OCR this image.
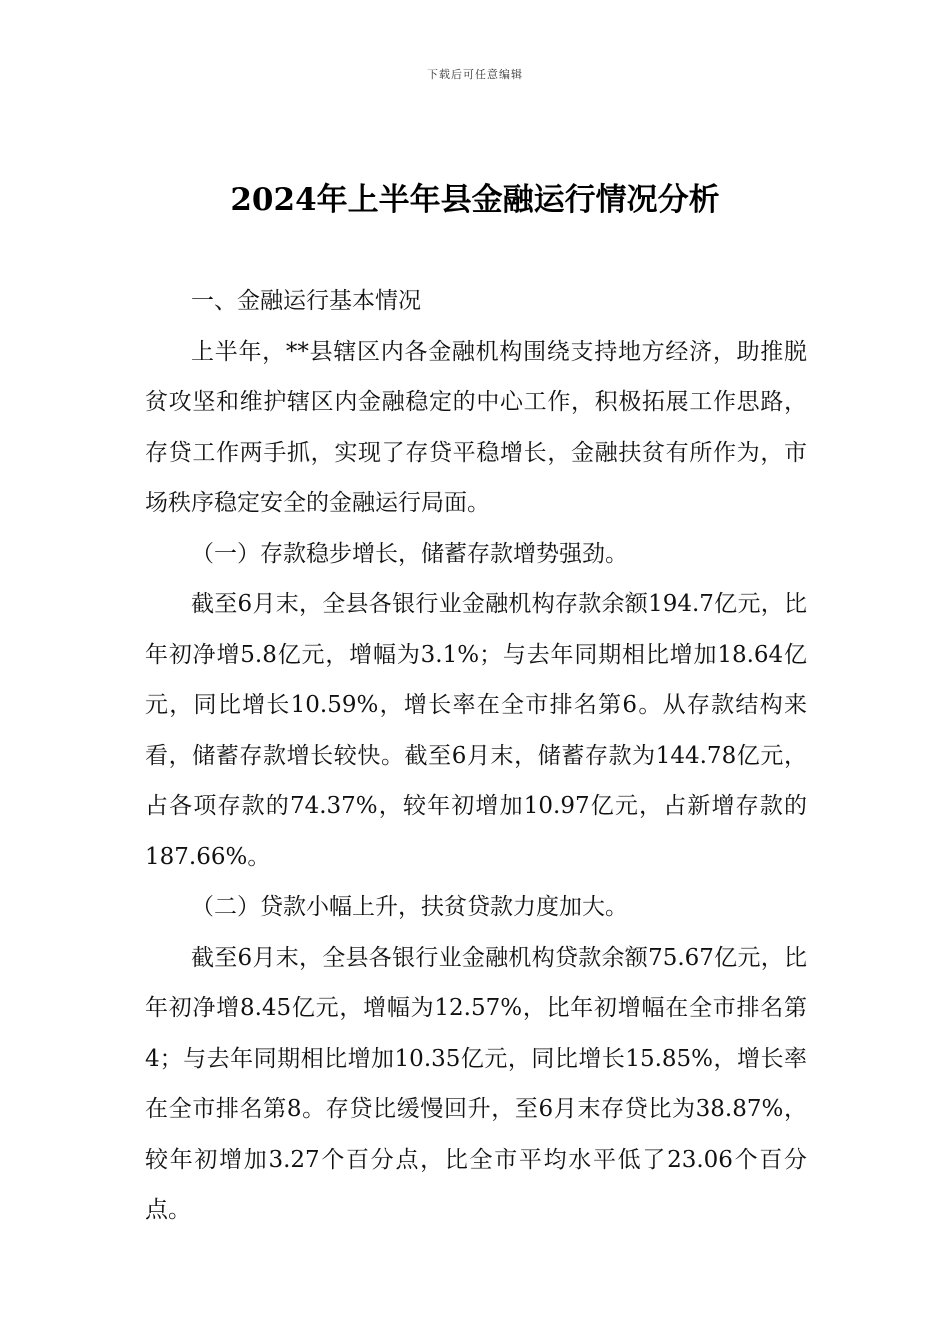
下载后可任意编辑
2024年上半年县金融运行情况分析

一、金融运行基本情况

上半年，**县辖区内各金融机构围绕支持地方经济，助推脱贫攻坚和维护辖区内金融稳定的中心工作，积极拓展工作思路，存贷工作两手抓，实现了存贷平稳增长，金融扶贫有所作为，市场秩序稳定安全的金融运行局面。

（一）存款稳步增长，储蓄存款增势强劲。

截至6月末，全县各银行业金融机构存款余额194.7亿元，比年初净增5.8亿元，增幅为3.1%；与去年同期相比增加18.64亿元，同比增长10.59%，增长率在全市排名第6。从存款结构来看，储蓄存款增长较快。截至6月末，储蓄存款为144.78亿元，占各项存款的74.37%，较年初增加10.97亿元，占新增存款的187.66%。

（二）贷款小幅上升，扶贫贷款力度加大。

截至6月末，全县各银行业金融机构贷款余额75.67亿元，比年初净增8.45亿元，增幅为12.57%，比年初增幅在全市排名第4；与去年同期相比增加10.35亿元，同比增长15.85%，增长率在全市排名第8。存贷比缓慢回升，至6月末存贷比为38.87%，较年初增加3.27个百分点，比全市平均水平低了23.06个百分点。
